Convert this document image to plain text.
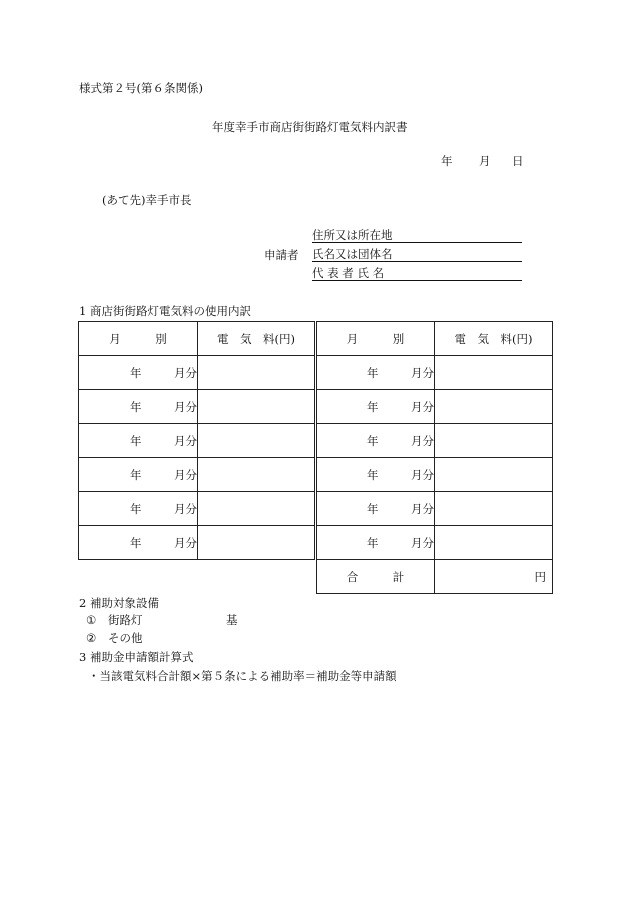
様式第２号(第６条関係)
年度幸手市商店街街路灯電気料内訳書
年 月 日
(あて先)幸手市長
申請者
住所又は所在地
氏名又は団体名
代 表 者 氏 名
1 商店街街路灯電気料の使用内訳
月　　　別	電　気　料(円)		月　　　別	電　気　料(円)
年 月分			年 月分	
年 月分			年 月分	
年 月分			年 月分	
年 月分			年 月分	
年 月分			年 月分	
年 月分			年 月分	
			合　　　計	円
2 補助対象設備
① 街路灯	基
② その他
3 補助金申請額計算式
・当該電気料合計額×第５条による補助率＝補助金等申請額
